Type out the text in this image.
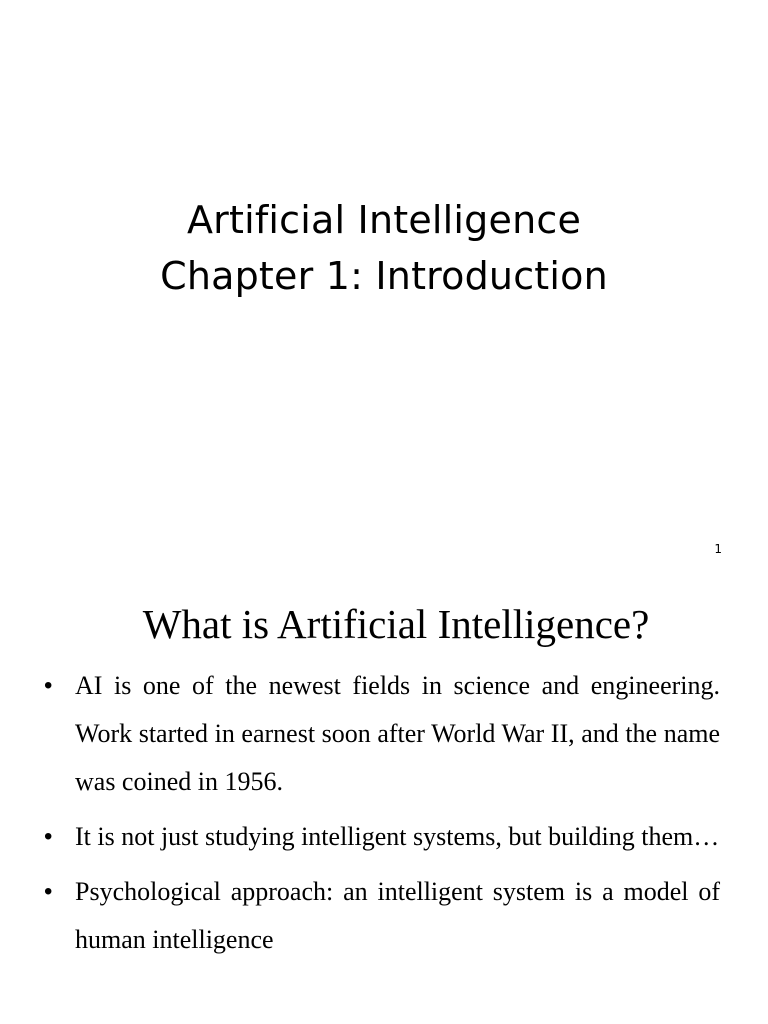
Artificial Intelligence
Chapter 1: Introduction
1
What is Artificial Intelligence?
• AI is one of the newest fields in science and engineering. Work started in earnest soon after World War II, and the name was coined in 1956.
• It is not just studying intelligent systems, but building them…
• Psychological approach: an intelligent system is a model of human intelligence
